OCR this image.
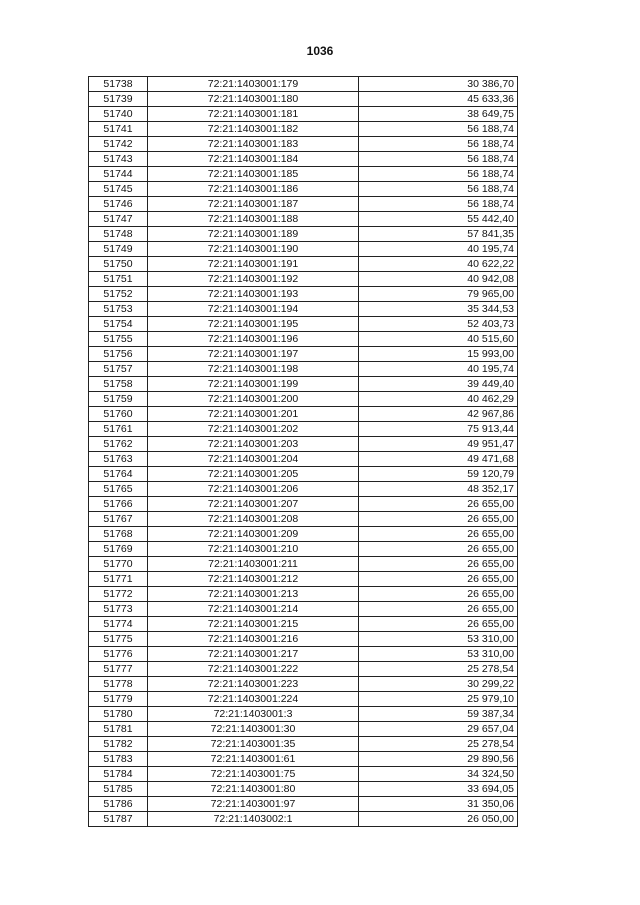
1036
51738	72:21:1403001:179	30 386,70
51739	72:21:1403001:180	45 633,36
51740	72:21:1403001:181	38 649,75
51741	72:21:1403001:182	56 188,74
51742	72:21:1403001:183	56 188,74
51743	72:21:1403001:184	56 188,74
51744	72:21:1403001:185	56 188,74
51745	72:21:1403001:186	56 188,74
51746	72:21:1403001:187	56 188,74
51747	72:21:1403001:188	55 442,40
51748	72:21:1403001:189	57 841,35
51749	72:21:1403001:190	40 195,74
51750	72:21:1403001:191	40 622,22
51751	72:21:1403001:192	40 942,08
51752	72:21:1403001:193	79 965,00
51753	72:21:1403001:194	35 344,53
51754	72:21:1403001:195	52 403,73
51755	72:21:1403001:196	40 515,60
51756	72:21:1403001:197	15 993,00
51757	72:21:1403001:198	40 195,74
51758	72:21:1403001:199	39 449,40
51759	72:21:1403001:200	40 462,29
51760	72:21:1403001:201	42 967,86
51761	72:21:1403001:202	75 913,44
51762	72:21:1403001:203	49 951,47
51763	72:21:1403001:204	49 471,68
51764	72:21:1403001:205	59 120,79
51765	72:21:1403001:206	48 352,17
51766	72:21:1403001:207	26 655,00
51767	72:21:1403001:208	26 655,00
51768	72:21:1403001:209	26 655,00
51769	72:21:1403001:210	26 655,00
51770	72:21:1403001:211	26 655,00
51771	72:21:1403001:212	26 655,00
51772	72:21:1403001:213	26 655,00
51773	72:21:1403001:214	26 655,00
51774	72:21:1403001:215	26 655,00
51775	72:21:1403001:216	53 310,00
51776	72:21:1403001:217	53 310,00
51777	72:21:1403001:222	25 278,54
51778	72:21:1403001:223	30 299,22
51779	72:21:1403001:224	25 979,10
51780	72:21:1403001:3	59 387,34
51781	72:21:1403001:30	29 657,04
51782	72:21:1403001:35	25 278,54
51783	72:21:1403001:61	29 890,56
51784	72:21:1403001:75	34 324,50
51785	72:21:1403001:80	33 694,05
51786	72:21:1403001:97	31 350,06
51787	72:21:1403002:1	26 050,00
